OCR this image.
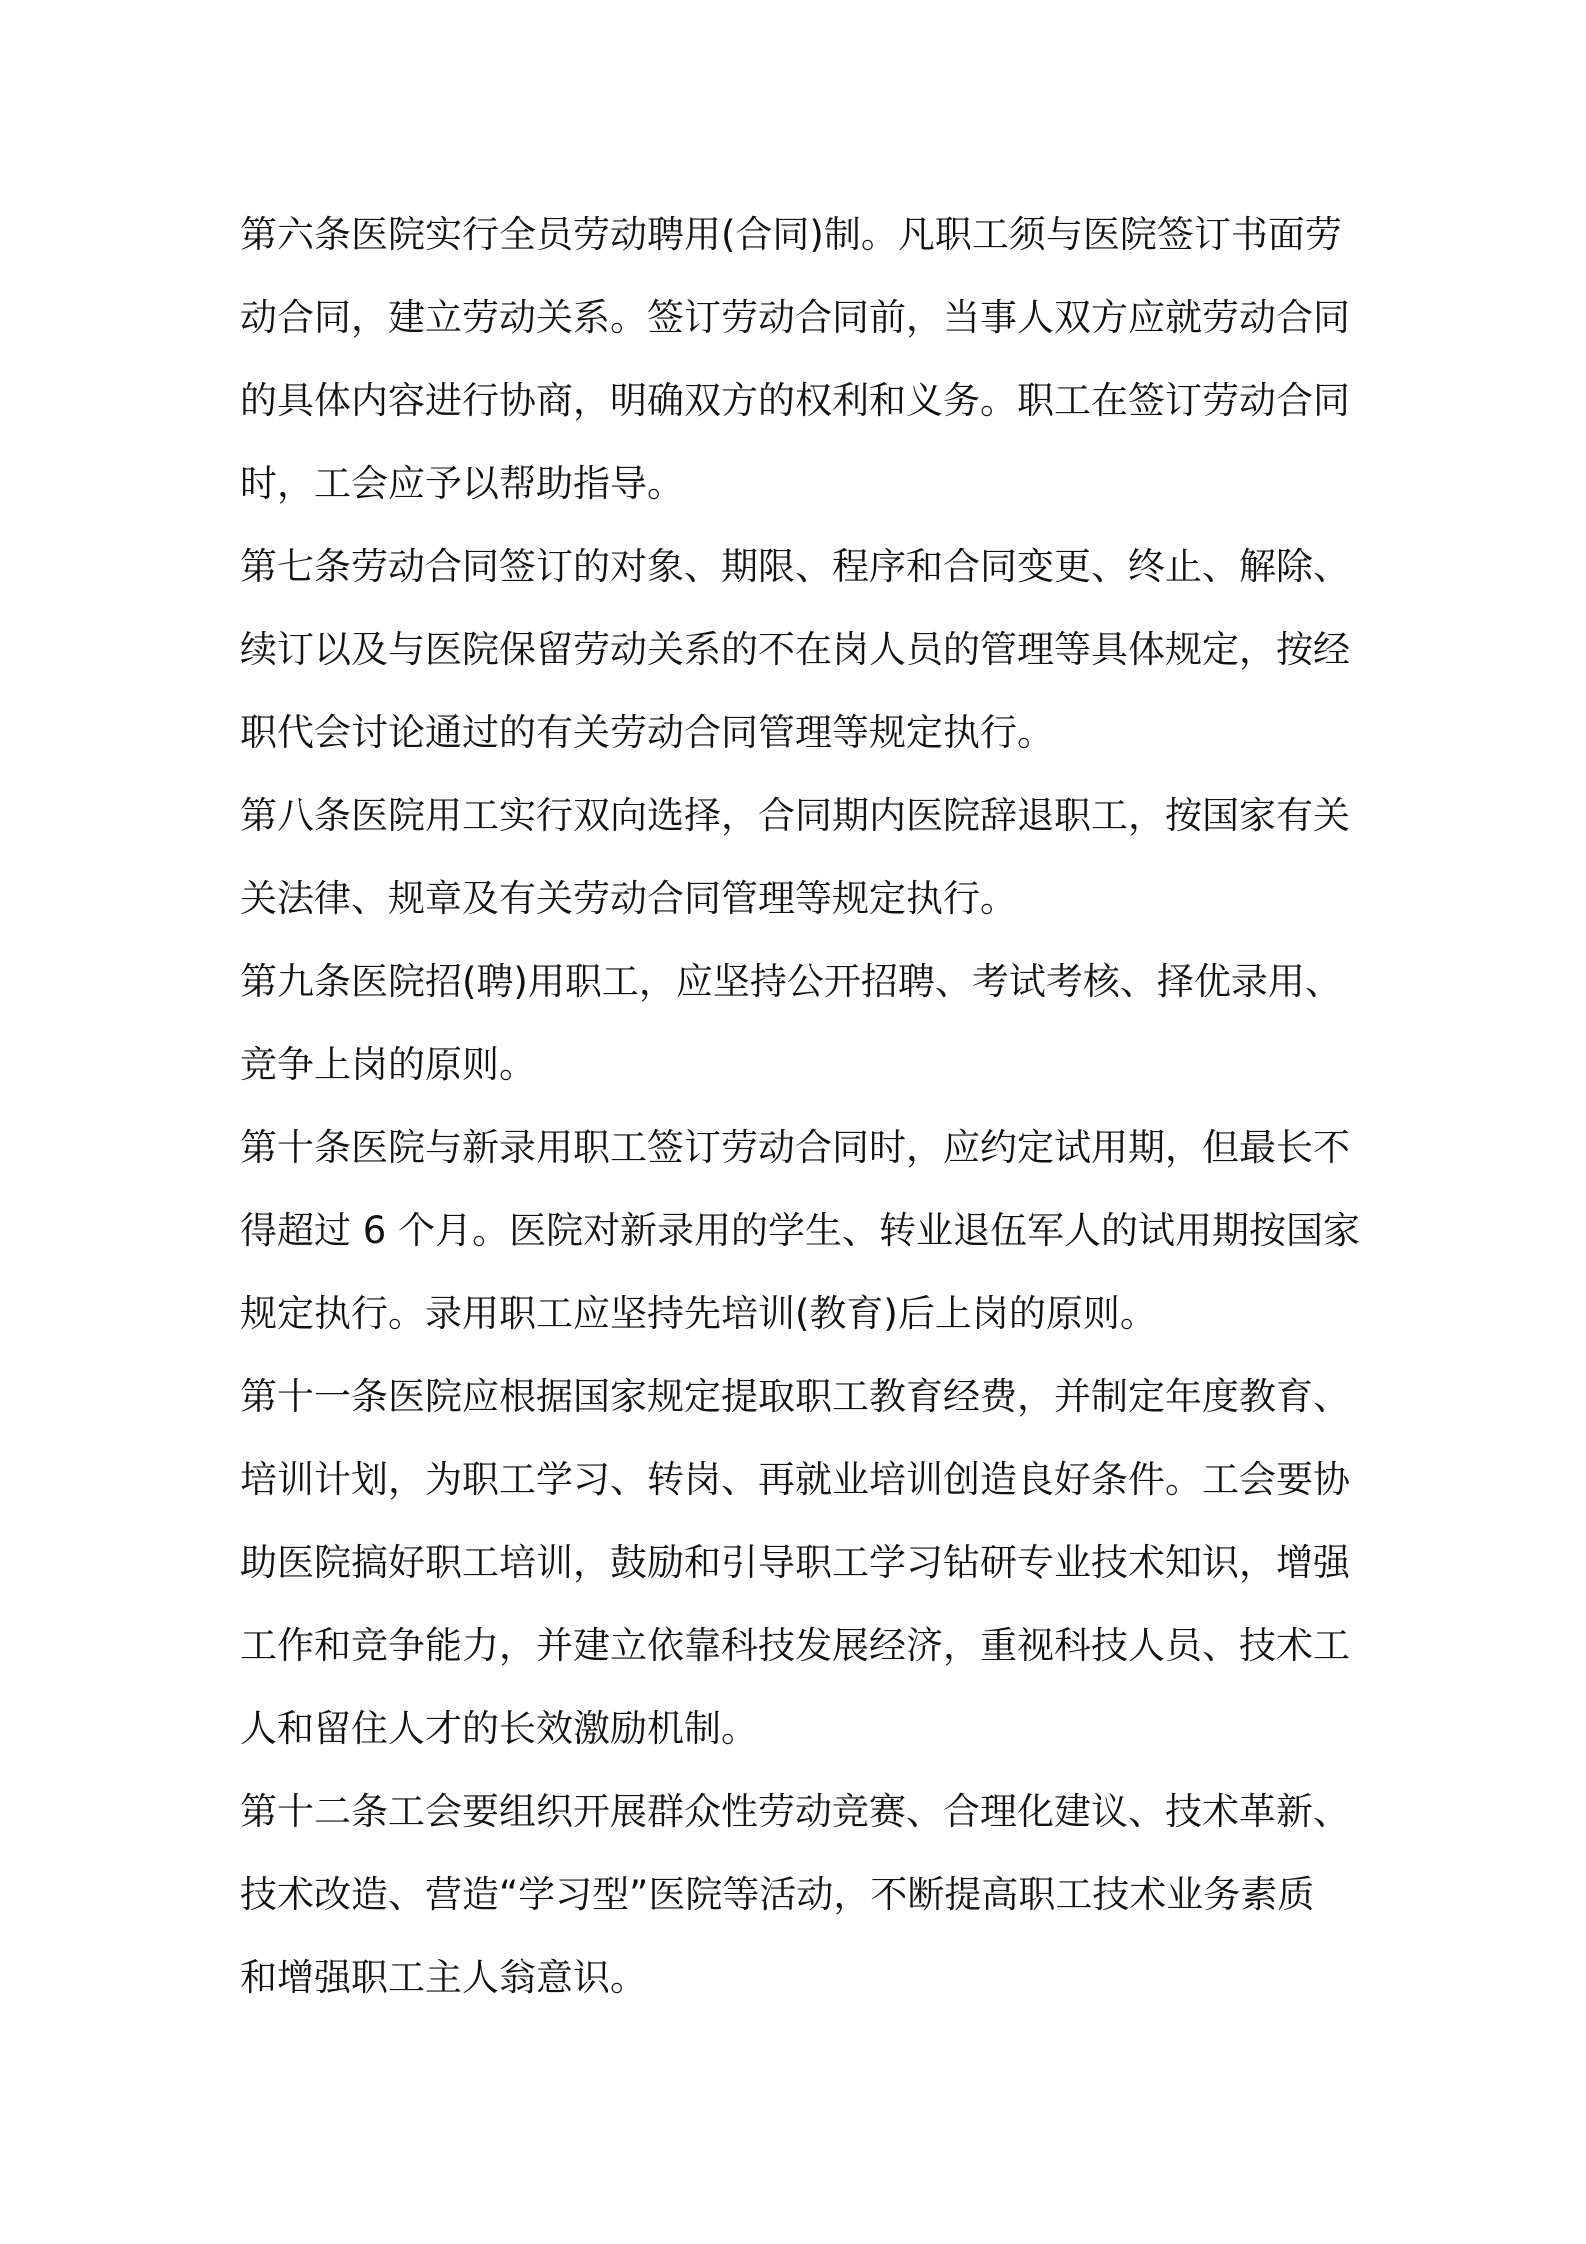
第六条医院实行全员劳动聘用(合同)制。凡职工须与医院签订书面劳
动合同，建立劳动关系。签订劳动合同前，当事人双方应就劳动合同
的具体内容进行协商，明确双方的权利和义务。职工在签订劳动合同
时，工会应予以帮助指导。
第七条劳动合同签订的对象、期限、程序和合同变更、终止、解除、
续订以及与医院保留劳动关系的不在岗人员的管理等具体规定，按经
职代会讨论通过的有关劳动合同管理等规定执行。
第八条医院用工实行双向选择，合同期内医院辞退职工，按国家有关
关法律、规章及有关劳动合同管理等规定执行。
第九条医院招(聘)用职工，应坚持公开招聘、考试考核、择优录用、
竞争上岗的原则。
第十条医院与新录用职工签订劳动合同时，应约定试用期，但最长不
得超过 6 个月。医院对新录用的学生、转业退伍军人的试用期按国家
规定执行。录用职工应坚持先培训(教育)后上岗的原则。
第十一条医院应根据国家规定提取职工教育经费，并制定年度教育、
培训计划，为职工学习、转岗、再就业培训创造良好条件。工会要协
助医院搞好职工培训，鼓励和引导职工学习钻研专业技术知识，增强
工作和竞争能力，并建立依靠科技发展经济，重视科技人员、技术工
人和留住人才的长效激励机制。
第十二条工会要组织开展群众性劳动竞赛、合理化建议、技术革新、
技术改造、营造“学习型”医院等活动，不断提高职工技术业务素质
和增强职工主人翁意识。
